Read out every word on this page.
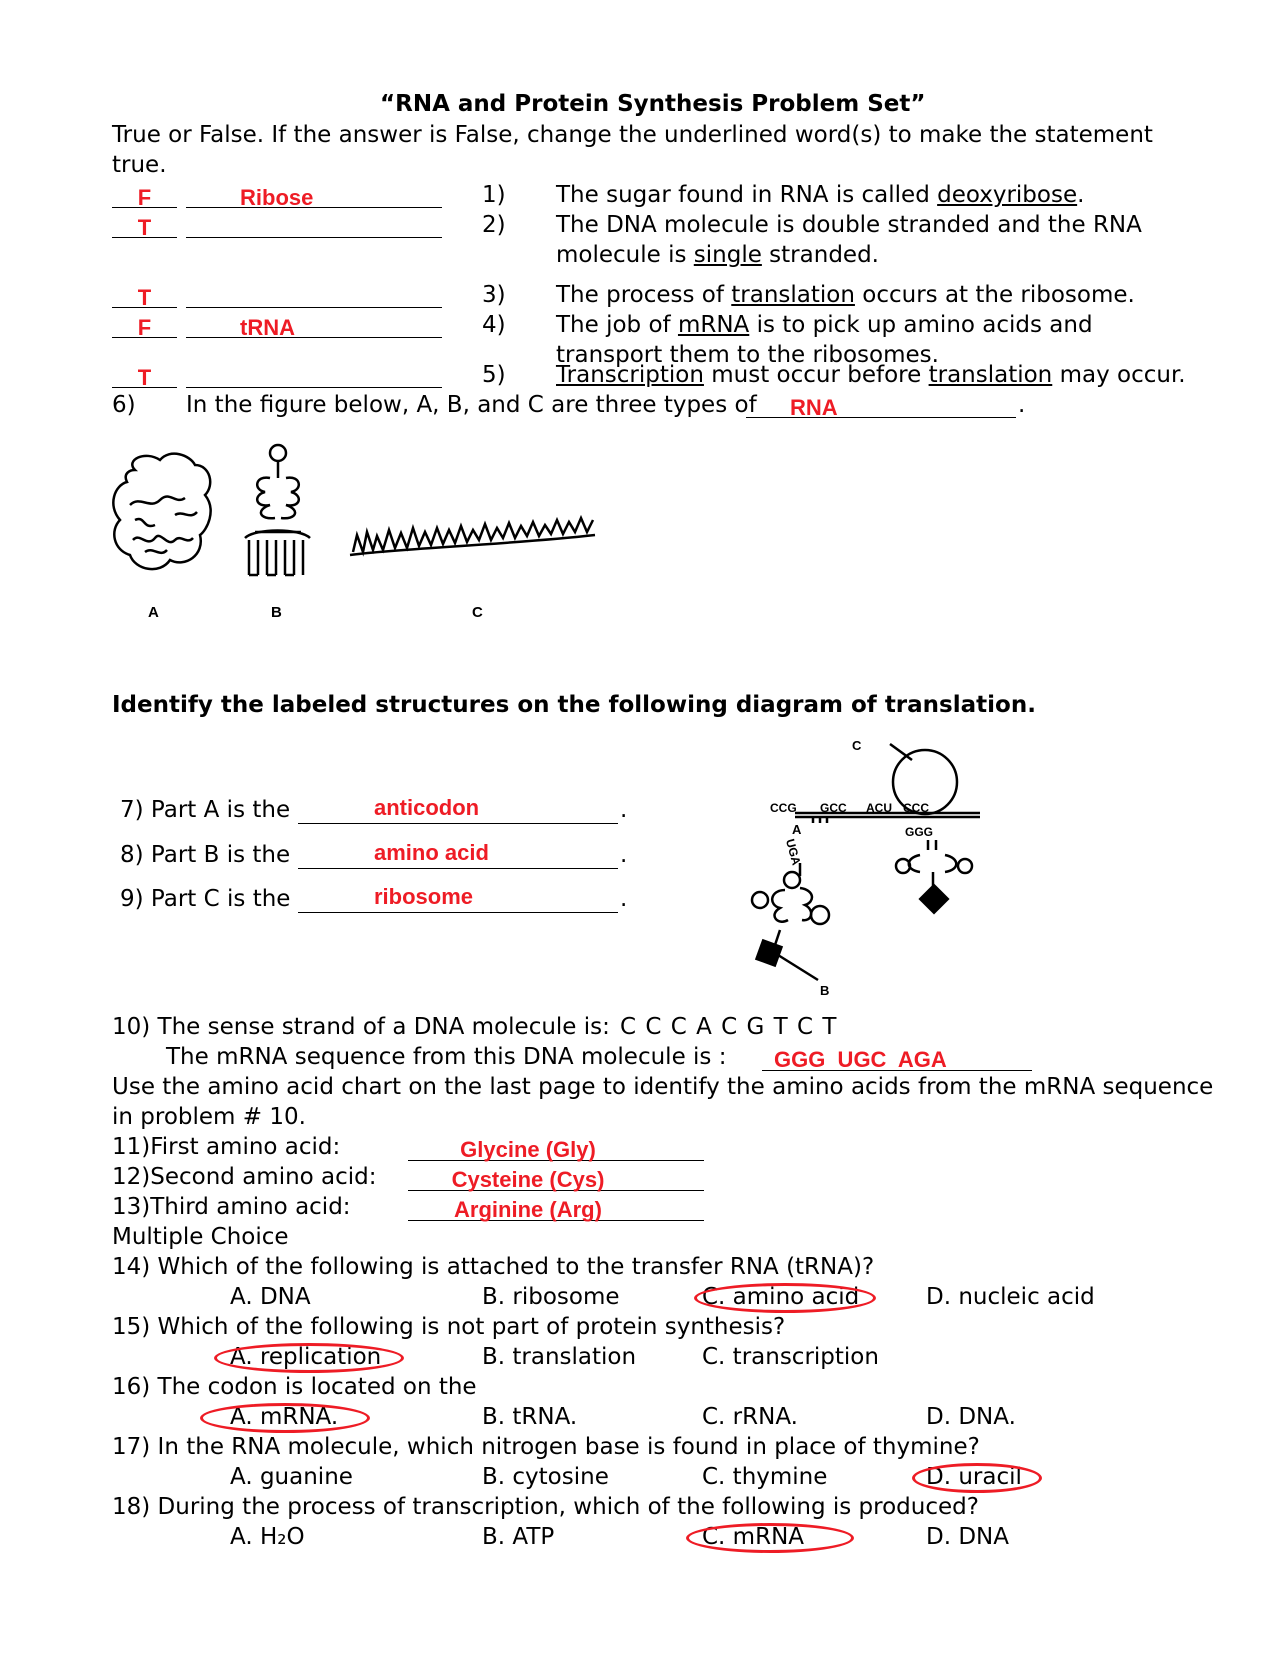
“RNA and Protein Synthesis Problem Set”
True or False. If the answer is False, change the underlined word(s) to make the statement
true.
F	Ribose	1) The sugar found in RNA is called deoxyribose.
T	2) The DNA molecule is double stranded and the RNA
molecule is single stranded.
T	3) The process of translation occurs at the ribosome.
F	tRNA	4) The job of mRNA is to pick up amino acids and
transport them to the ribosomes.
T	5) Transcription must occur before translation may occur.
6) In the figure below, A, B, and C are three types of RNA	.
A	B	C
Identify the labeled structures on the following diagram of translation.
7) Part A is the	anticodon	.
8) Part B is the	amino acid	.
9) Part C is the	ribosome	.
CCG GCC ACU CCC
GGG
A
UGA
B
C
10) The sense strand of a DNA molecule is: C C C A C G T C T
The mRNA sequence from this DNA molecule is : GGG  UGC  AGA
Use the amino acid chart on the last page to identify the amino acids from the mRNA sequence
in problem # 10.
11)First amino acid:	Glycine (Gly)
12)Second amino acid:	Cysteine (Cys)
13)Third amino acid:	Arginine (Arg)
Multiple Choice
14) Which of the following is attached to the transfer RNA (tRNA)?
A. DNA	B. ribosome	C. amino acid	D. nucleic acid
15) Which of the following is not part of protein synthesis?
A. replication	B. translation	C. transcription
16) The codon is located on the
A. mRNA.	B. tRNA.	C. rRNA.	D. DNA.
17) In the RNA molecule, which nitrogen base is found in place of thymine?
A. guanine	B. cytosine	C. thymine	D. uracil
18) During the process of transcription, which of the following is produced?
A. H₂O	B. ATP	C. mRNA	D. DNA
